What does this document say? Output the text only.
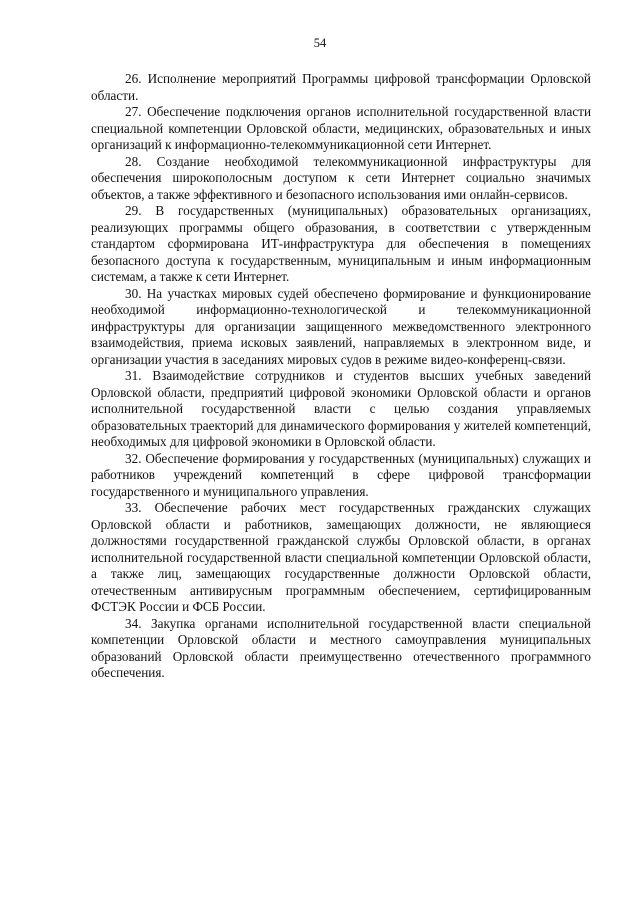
54

26. Исполнение мероприятий Программы цифровой трансформации Орловской области.

27. Обеспечение подключения органов исполнительной государственной власти специальной компетенции Орловской области, медицинских, образовательных и иных организаций к информационно-телекоммуникационной сети Интернет.

28. Создание необходимой телекоммуникационной инфраструктуры для обеспечения широкополосным доступом к сети Интернет социально значимых объектов, а также эффективного и безопасного использования ими онлайн-сервисов.

29. В государственных (муниципальных) образовательных организациях, реализующих программы общего образования, в соответствии с утвержденным стандартом сформирована ИТ-инфраструктура для обеспечения в помещениях безопасного доступа к государственным, муниципальным и иным информационным системам, а также к сети Интернет.

30. На участках мировых судей обеспечено формирование и функционирование необходимой информационно-технологической и телекоммуникационной инфраструктуры для организации защищенного межведомственного электронного взаимодействия, приема исковых заявлений, направляемых в электронном виде, и организации участия в заседаниях мировых судов в режиме видео-конференц-связи.

31. Взаимодействие сотрудников и студентов высших учебных заведений Орловской области, предприятий цифровой экономики Орловской области и органов исполнительной государственной власти с целью создания управляемых образовательных траекторий для динамического формирования у жителей компетенций, необходимых для цифровой экономики в Орловской области.

32. Обеспечение формирования у государственных (муниципальных) служащих и работников учреждений компетенций в сфере цифровой трансформации государственного и муниципального управления.

33. Обеспечение рабочих мест государственных гражданских служащих Орловской области и работников, замещающих должности, не являющиеся должностями государственной гражданской службы Орловской области, в органах исполнительной государственной власти специальной компетенции Орловской области, а также лиц, замещающих государственные должности Орловской области, отечественным антивирусным программным обеспечением, сертифицированным ФСТЭК России и ФСБ России.

34. Закупка органами исполнительной государственной власти специальной компетенции Орловской области и местного самоуправления муниципальных образований Орловской области преимущественно отечественного программного обеспечения.
